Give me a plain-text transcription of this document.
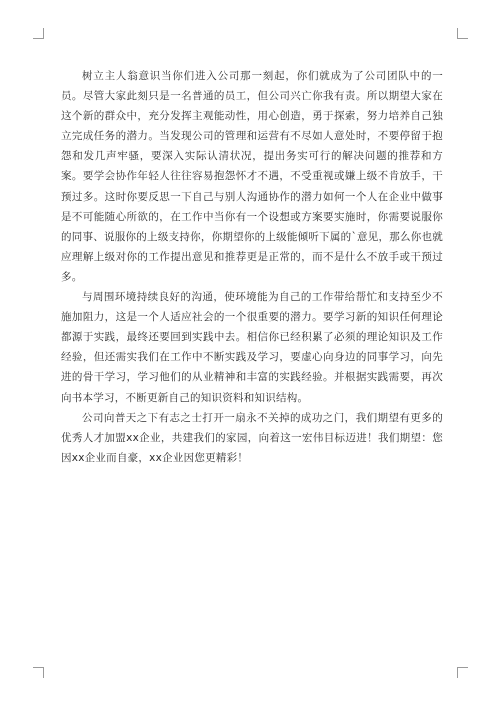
树立主人翁意识当你们进入公司那一刻起，你们就成为了公司团队中的一员。尽管大家此刻只是一名普通的员工，但公司兴亡你我有责。所以期望大家在这个新的群众中，充分发挥主观能动性，用心创造，勇于探索，努力培养自己独立完成任务的潜力。当发现公司的管理和运营有不尽如人意处时，不要停留于抱怨和发几声牢骚，要深入实际认清状况，提出务实可行的解决问题的推荐和方案。要学会协作年轻人往往容易抱怨怀才不遇，不受重视或嫌上级不肯放手，干预过多。这时你要反思一下自己与别人沟通协作的潜力如何一个人在企业中做事是不可能随心所欲的，在工作中当你有一个设想或方案要实施时，你需要说服你的同事、说服你的上级支持你，你期望你的上级能倾听下属的`意见，那么你也就应理解上级对你的工作提出意见和推荐更是正常的，而不是什么不放手或干预过多。

与周围环境持续良好的沟通，使环境能为自己的工作带给帮忙和支持至少不施加阻力，这是一个人适应社会的一个很重要的潜力。要学习新的知识任何理论都源于实践，最终还要回到实践中去。相信你已经积累了必须的理论知识及工作经验，但还需实我们在工作中不断实践及学习，要虚心向身边的同事学习，向先进的骨干学习，学习他们的从业精神和丰富的实践经验。并根据实践需要，再次向书本学习，不断更新自己的知识资料和知识结构。

公司向普天之下有志之士打开一扇永不关掉的成功之门，我们期望有更多的优秀人才加盟xx企业，共建我们的家园，向着这一宏伟目标迈进！我们期望：您因xx企业而自豪，xx企业因您更精彩！
